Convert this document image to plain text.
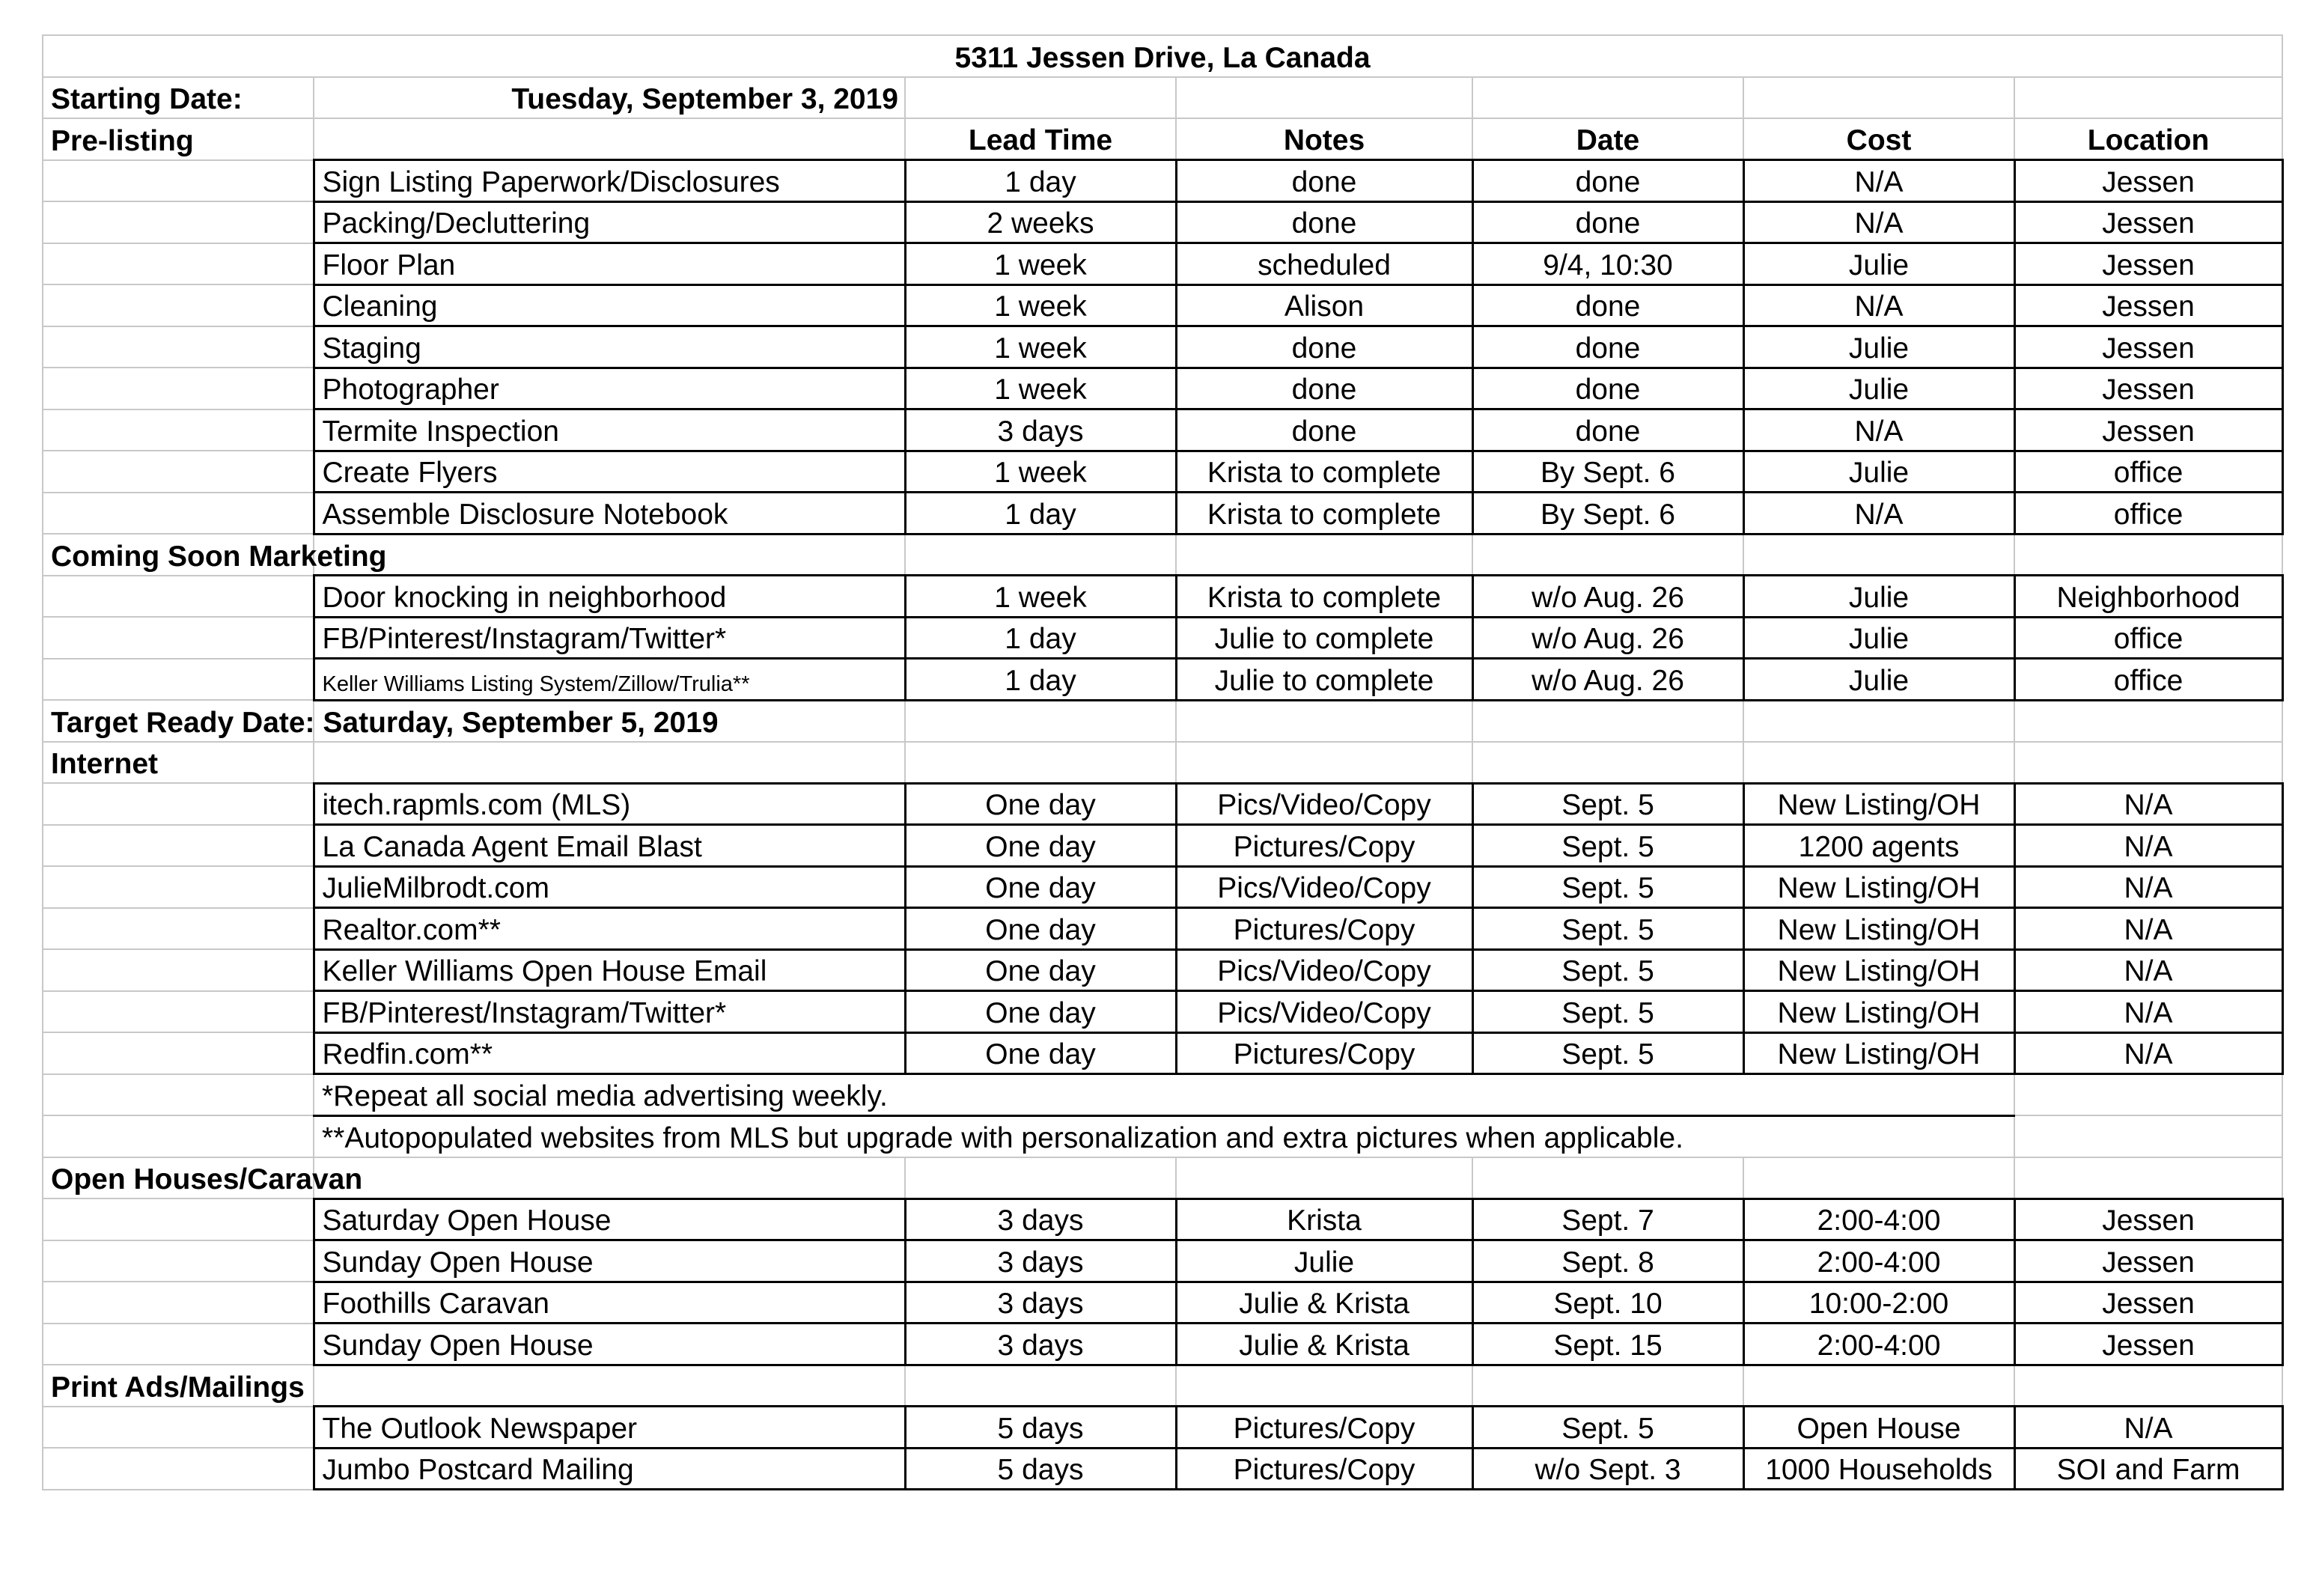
5311 Jessen Drive, La Canada						
Starting Date:	Tuesday, September 3, 2019					
Pre-listing		Lead Time	Notes	Date	Cost	Location
	Sign Listing Paperwork/Disclosures	1 day	done	done	N/A	Jessen
	Packing/Decluttering	2 weeks	done	done	N/A	Jessen
	Floor Plan	1 week	scheduled	9/4, 10:30	Julie	Jessen
	Cleaning	1 week	Alison	done	N/A	Jessen
	Staging	1 week	done	done	Julie	Jessen
	Photographer	1 week	done	done	Julie	Jessen
	Termite Inspection	3 days	done	done	N/A	Jessen
	Create Flyers	1 week	Krista to complete	By Sept. 6	Julie	office
	Assemble Disclosure Notebook	1 day	Krista to complete	By Sept. 6	N/A	office
Coming Soon Marketing						
	Door knocking in neighborhood	1 week	Krista to complete	w/o Aug. 26	Julie	Neighborhood
	FB/Pinterest/Instagram/Twitter*	1 day	Julie to complete	w/o Aug. 26	Julie	office
	Keller Williams Listing System/Zillow/Trulia**	1 day	Julie to complete	w/o Aug. 26	Julie	office
Target Ready Date: Saturday, September 5, 2019						
Internet						
	itech.rapmls.com (MLS)	One day	Pics/Video/Copy	Sept. 5	New Listing/OH	N/A
	La Canada Agent Email Blast	One day	Pictures/Copy	Sept. 5	1200 agents	N/A
	JulieMilbrodt.com	One day	Pics/Video/Copy	Sept. 5	New Listing/OH	N/A
	Realtor.com**	One day	Pictures/Copy	Sept. 5	New Listing/OH	N/A
	Keller Williams Open House Email	One day	Pics/Video/Copy	Sept. 5	New Listing/OH	N/A
	FB/Pinterest/Instagram/Twitter*	One day	Pics/Video/Copy	Sept. 5	New Listing/OH	N/A
	Redfin.com**	One day	Pictures/Copy	Sept. 5	New Listing/OH	N/A
	*Repeat all social media advertising weekly.					
	**Autopopulated websites from MLS but upgrade with personalization and extra pictures when applicable.					
Open Houses/Caravan						
	Saturday Open House	3 days	Krista	Sept. 7	2:00-4:00	Jessen
	Sunday Open House	3 days	Julie	Sept. 8	2:00-4:00	Jessen
	Foothills Caravan	3 days	Julie & Krista	Sept. 10	10:00-2:00	Jessen
	Sunday Open House	3 days	Julie & Krista	Sept. 15	2:00-4:00	Jessen
Print Ads/Mailings						
	The Outlook Newspaper	5 days	Pictures/Copy	Sept. 5	Open House	N/A
	Jumbo Postcard Mailing	5 days	Pictures/Copy	w/o Sept. 3	1000 Households	SOI and Farm
